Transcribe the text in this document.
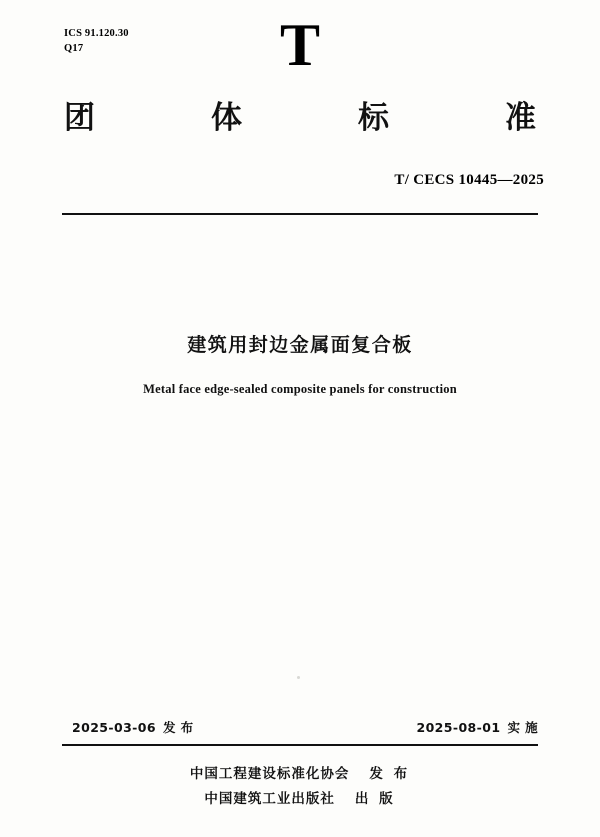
ICS 91.120.30
Q17	T
团	体	标	准
T/ CECS 10445—2025
建筑用封边金属面复合板
Metal face edge-sealed composite panels for construction
2025-03-06 发 布	2025-08-01 实 施
中国工程建设标准化协会 发 布
中国建筑工业出版社 出 版
